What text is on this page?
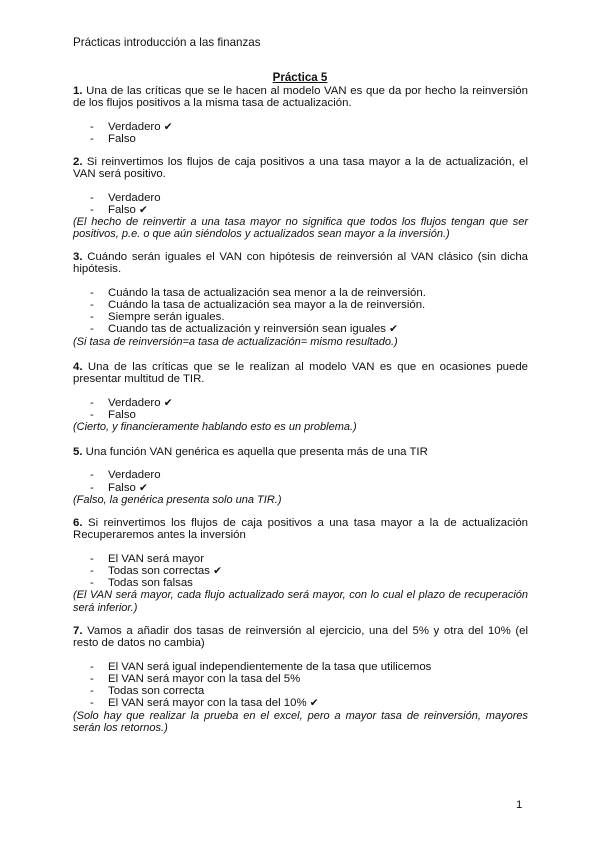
Prácticas introducción a las finanzas
Práctica 5

1. Una de las críticas que se le hacen al modelo VAN es que da por hecho la reinversión de los flujos positivos a la misma tasa de actualización.

- Verdadero ✔
- Falso

2. Si reinvertimos los flujos de caja positivos a una tasa mayor a la de actualización, el VAN será positivo.

- Verdadero
- Falso ✔

(El hecho de reinvertir a una tasa mayor no significa que todos los flujos tengan que ser positivos, p.e. o que aún siéndolos y actualizados sean mayor a la inversión.)

3. Cuándo serán iguales el VAN con hipótesis de reinversión al VAN clásico (sin dicha hipótesis.

- Cuándo la tasa de actualización sea menor a la de reinversión.
- Cuándo la tasa de actualización sea mayor a la de reinversión.
- Siempre serán iguales.
- Cuando tas de actualización y reinversión sean iguales ✔

(Si tasa de reinversión=a tasa de actualización= mismo resultado.)

4. Una de las críticas que se le realizan al modelo VAN es que en ocasiones puede presentar multitud de TIR.

- Verdadero ✔
- Falso

(Cierto, y financieramente hablando esto es un problema.)

5. Una función VAN genérica es aquella que presenta más de una TIR

- Verdadero
- Falso ✔

(Falso, la genérica presenta solo una TIR.)

6. Si reinvertimos los flujos de caja positivos a una tasa mayor a la de actualización Recuperaremos antes la inversión

- El VAN será mayor
- Todas son correctas ✔
- Todas son falsas

(El VAN será mayor, cada flujo actualizado será mayor, con lo cual el plazo de recuperación será inferior.)

7. Vamos a añadir dos tasas de reinversión al ejercicio, una del 5% y otra del 10% (el resto de datos no cambia)

- El VAN será igual independientemente de la tasa que utilicemos
- El VAN será mayor con la tasa del 5%
- Todas son correcta
- El VAN será mayor con la tasa del 10% ✔

(Solo hay que realizar la prueba en el excel, pero a mayor tasa de reinversión, mayores serán los retornos.)

1
